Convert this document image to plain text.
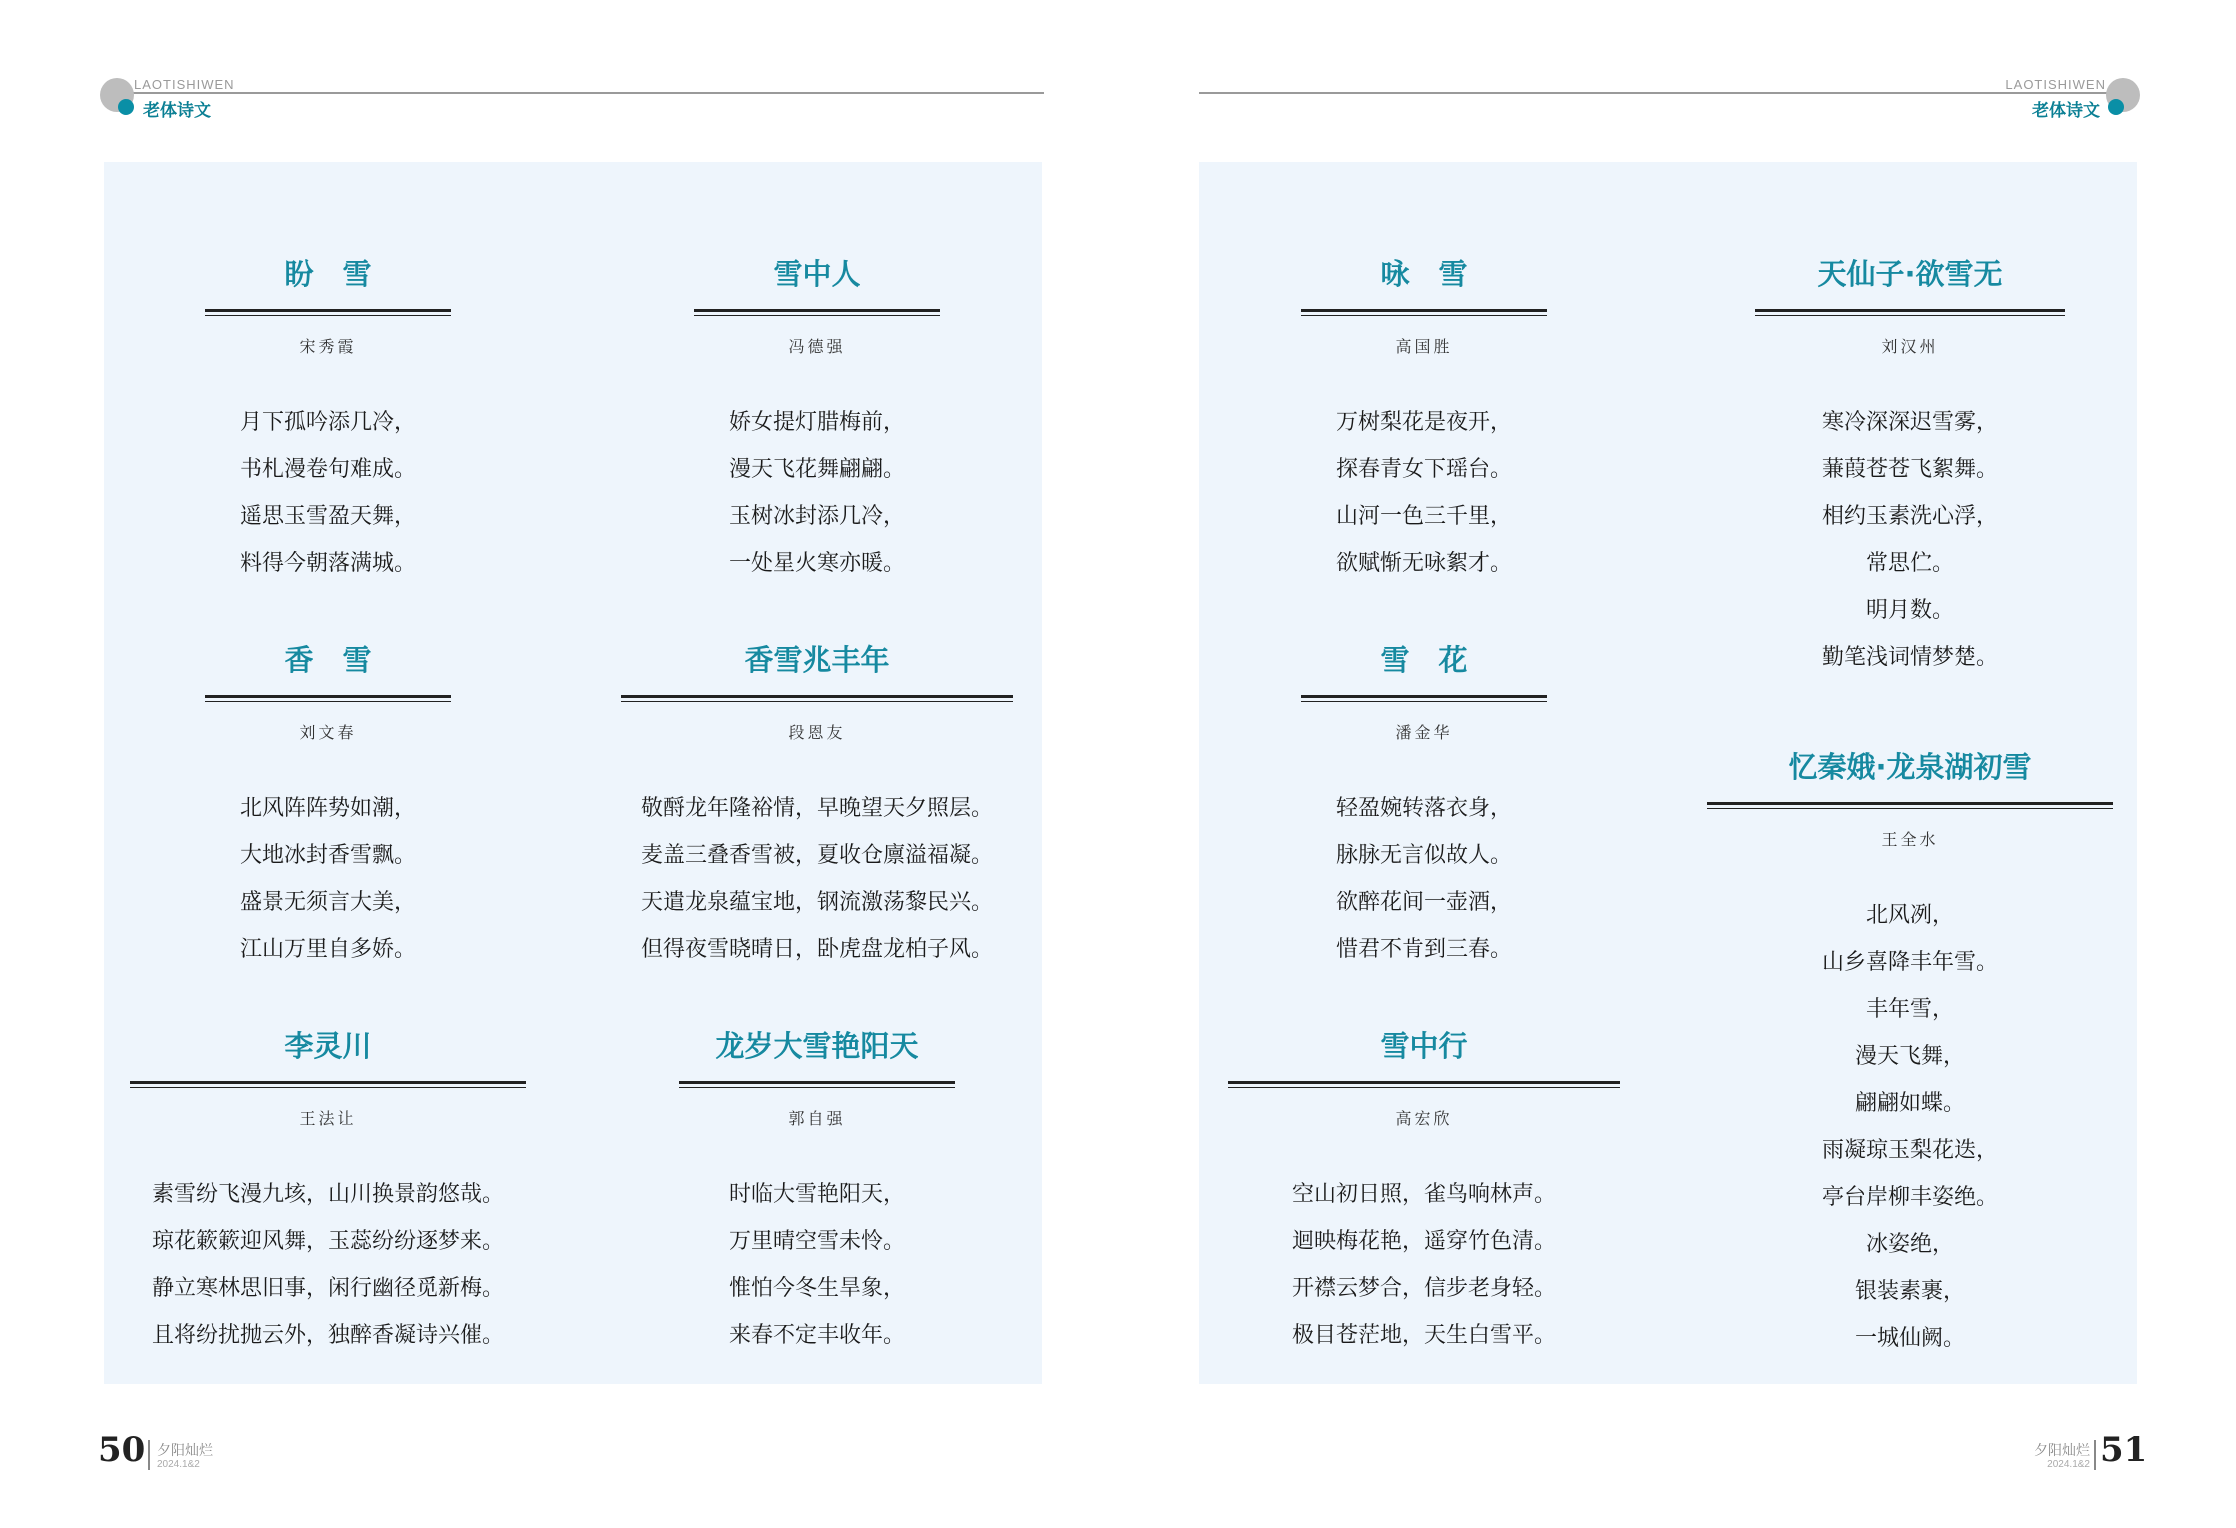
LAOTISHIWEN
老体诗文
LAOTISHIWEN
老体诗文
盼　雪
宋秀霞
月下孤吟添几冷，
书札漫卷句难成。
遥思玉雪盈天舞，
料得今朝落满城。
雪中人
冯德强
娇女提灯腊梅前，
漫天飞花舞翩翩。
玉树冰封添几冷，
一处星火寒亦暖。
香　雪
刘文春
北风阵阵势如潮，
大地冰封香雪飘。
盛景无须言大美，
江山万里自多娇。
香雪兆丰年
段恩友
敬酹龙年隆裕情，早晚望天夕照层。
麦盖三叠香雪被，夏收仓廪溢福凝。
天遣龙泉蕴宝地，钢流激荡黎民兴。
但得夜雪晓晴日，卧虎盘龙柏子风。
李灵川
王法让
素雪纷飞漫九垓，山川换景韵悠哉。
琼花簌簌迎风舞，玉蕊纷纷逐梦来。
静立寒林思旧事，闲行幽径觅新梅。
且将纷扰抛云外，独醉香凝诗兴催。
龙岁大雪艳阳天
郭自强
时临大雪艳阳天，
万里晴空雪未怜。
惟怕今冬生旱象，
来春不定丰收年。
咏　雪
高国胜
万树梨花是夜开，
探春青女下瑶台。
山河一色三千里，
欲赋惭无咏絮才。
天仙子·欲雪无
刘汉州
寒冷深深迟雪雾，
蒹葭苍苍飞絮舞。
相约玉素洗心浮，
常思伫。
明月数。
勤笔浅词情梦楚。
雪　花
潘金华
轻盈婉转落衣身，
脉脉无言似故人。
欲醉花间一壶酒，
惜君不肯到三春。
忆秦娥·龙泉湖初雪
王全水
北风冽，
山乡喜降丰年雪。
丰年雪，
漫天飞舞，
翩翩如蝶。
雨凝琼玉梨花迭，
亭台岸柳丰姿绝。
冰姿绝，
银装素裹，
一城仙阙。
雪中行
高宏欣
空山初日照，雀鸟响林声。
迴映梅花艳，遥穿竹色清。
开襟云梦合，信步老身轻。
极目苍茫地，天生白雪平。
50 夕阳灿烂
2024.1&2
夕阳灿烂
2024.1&2 51
